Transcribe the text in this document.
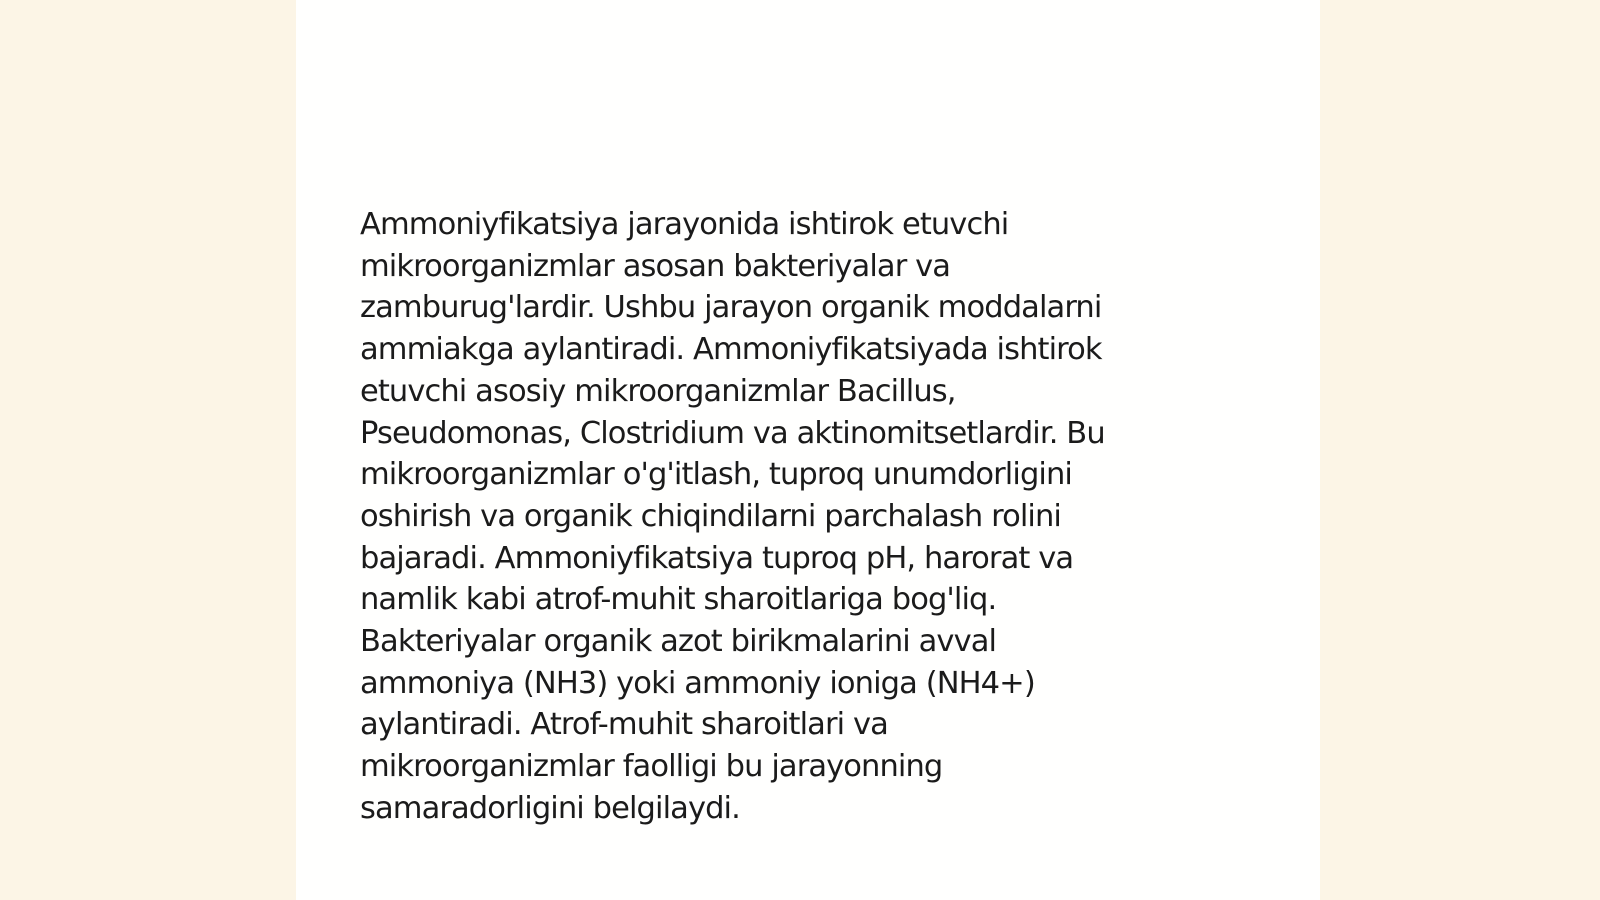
Ammoniyfikatsiya jarayonida ishtirok etuvchi
mikroorganizmlar asosan bakteriyalar va
zamburug'lardir. Ushbu jarayon organik moddalarni
ammiakga aylantiradi. Ammoniyfikatsiyada ishtirok
etuvchi asosiy mikroorganizmlar Bacillus,
Pseudomonas, Clostridium va aktinomitsetlardir. Bu
mikroorganizmlar o'g'itlash, tuproq unumdorligini
oshirish va organik chiqindilarni parchalash rolini
bajaradi. Ammoniyfikatsiya tuproq pH, harorat va
namlik kabi atrof-muhit sharoitlariga bog'liq.
Bakteriyalar organik azot birikmalarini avval
ammoniya (NH3) yoki ammoniy ioniga (NH4+)
aylantiradi. Atrof-muhit sharoitlari va
mikroorganizmlar faolligi bu jarayonning
samaradorligini belgilaydi.
